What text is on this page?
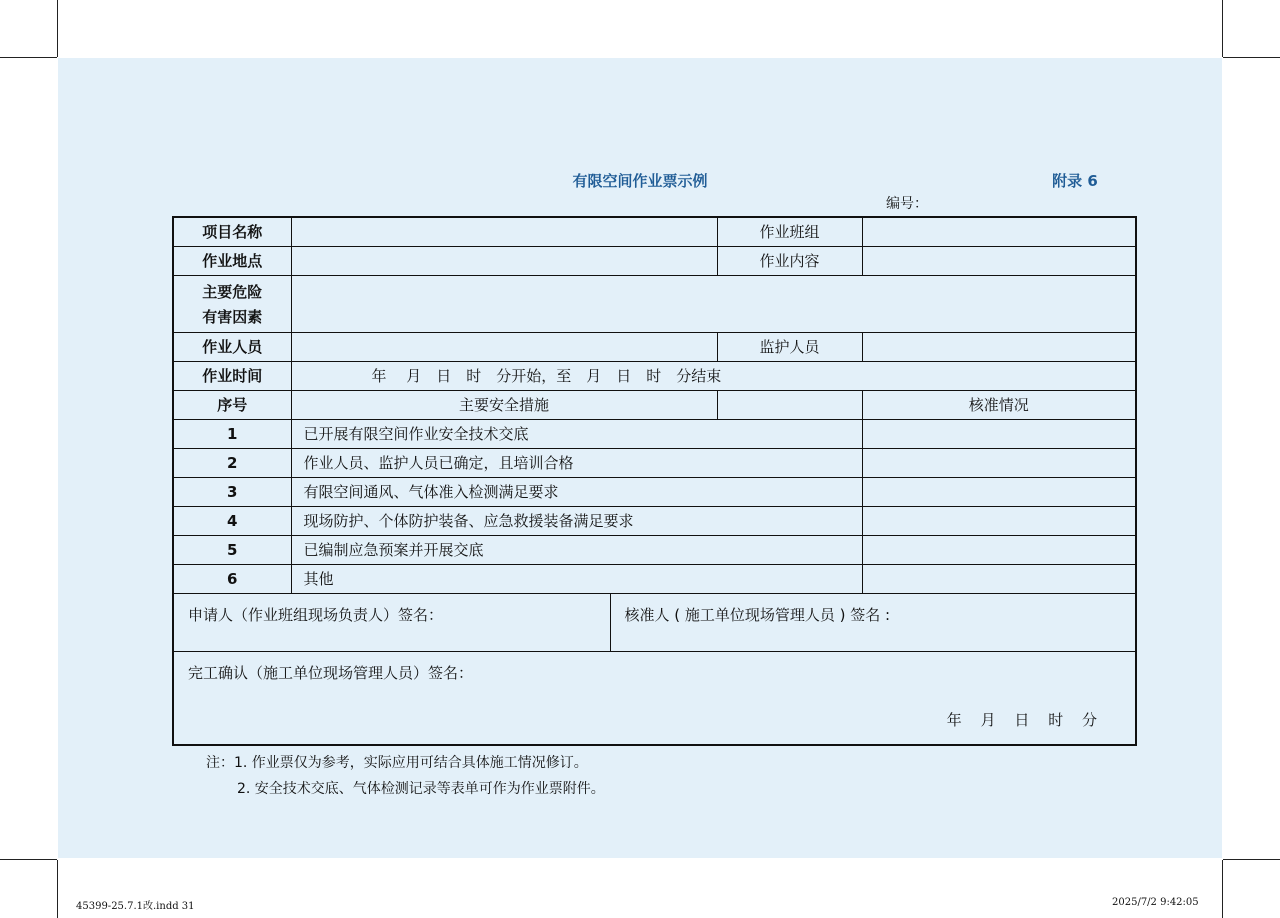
有限空间作业票示例	附录 6
编号：
项目名称		作业班组	
作业地点		作业内容	

主要危险
有害因素

作业人员		监护人员	
作业时间	年　 月　日　时　分开始，至　月　日　时　分结束
序号	主要安全措施		核准情况
1	已开展有限空间作业安全技术交底	
2	作业人员、监护人员已确定，且培训合格	
3	有限空间通风、气体准入检测满足要求	
4	现场防护、个体防护装备、应急救援装备满足要求	
5	已编制应急预案并开展交底	
6	其他	

申请人（作业班组现场负责人）签名：	核准人 ( 施工单位现场管理人员 ) 签名 :

完工确认（施工单位现场管理人员）签名：
年 月 日 时 分
注：1. 作业票仅为参考，实际应用可结合具体施工情况修订。
2. 安全技术交底、气体检测记录等表单可作为作业票附件。
45399-25.7.1改.indd 31	2025/7/2 9:42:05
